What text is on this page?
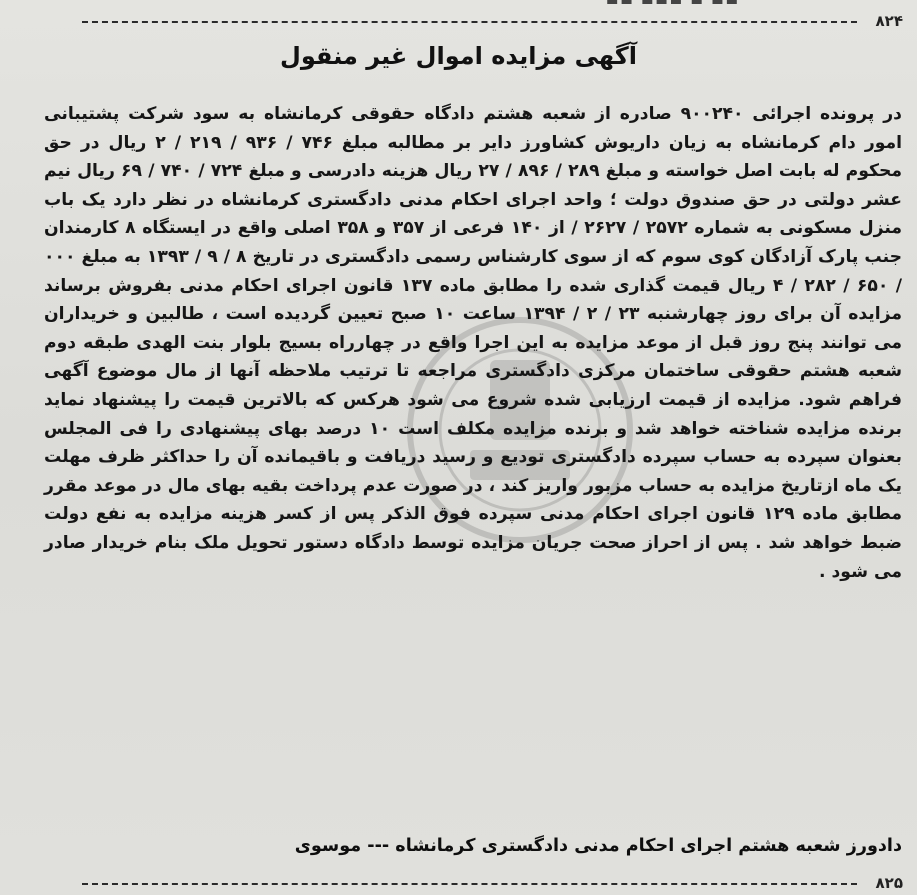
۸۲۴
آگهی مزایده اموال غیر منقول
در پرونده اجرائی ۹۰۰۲۴۰ صادره از شعبه هشتم دادگاه حقوقی کرمانشاه به سود شرکت پشتیبانی امور دام کرمانشاه به زیان داریوش کشاورز دایر بر مطالبه مبلغ ۷۴۶ / ۹۳۶ / ۲۱۹ / ۲ ریال در حق محکوم له بابت اصل خواسته و مبلغ ۲۸۹ / ۸۹۶ / ۲۷ ریال هزینه دادرسی و مبلغ ۷۲۴ / ۷۴۰ / ۶۹ ریال نیم عشر دولتی در حق صندوق دولت ؛ واحد اجرای احکام مدنی دادگستری کرمانشاه در نظر دارد یک باب منزل مسکونی به شماره ۲۵۷۲ / ۲۶۲۷ / از ۱۴۰ فرعی از ۳۵۷ و ۳۵۸ اصلی واقع در ایستگاه ۸ کارمندان جنب پارک آزادگان کوی سوم که از سوی کارشناس رسمی دادگستری در تاریخ ۸ / ۹ / ۱۳۹۳ به مبلغ ۰۰۰ / ۶۵۰ / ۲۸۲ / ۴ ریال قیمت گذاری شده را مطابق ماده ۱۳۷ قانون اجرای احکام مدنی بفروش برساند مزایده آن برای روز چهارشنبه ۲۳ / ۲ / ۱۳۹۴ ساعت ۱۰ صبح تعیین گردیده است ، طالبین و خریداران می توانند پنج روز قبل از موعد مزایده به این اجرا واقع در چهارراه بسیج بلوار بنت الهدی طبقه دوم شعبه هشتم حقوقی ساختمان مرکزی دادگستری مراجعه تا ترتیب ملاحظه آنها از مال موضوع آگهی فراهم شود. مزایده از قیمت ارزیابی شده شروع می شود هرکس که بالاترین قیمت را پیشنهاد نماید برنده مزایده شناخته خواهد شد و برنده مزایده مکلف است ۱۰ درصد بهای پیشنهادی را فی المجلس بعنوان سپرده به حساب سپرده دادگستری تودیع و رسید دریافت و باقیمانده آن را حداکثر ظرف مهلت یک ماه ازتاریخ مزایده به حساب مزبور واریز کند ، در صورت عدم پرداخت بقیه بهای مال در موعد مقرر مطابق ماده ۱۲۹ قانون اجرای احکام مدنی سپرده فوق الذکر پس از کسر هزینه مزایده به نفع دولت ضبط خواهد شد . پس از احراز صحت جریان مزایده توسط دادگاه دستور تحویل ملک بنام خریدار صادر می شود .
دادورز شعبه هشتم اجرای احکام مدنی دادگستری کرمانشاه --- موسوی
۸۲۵
